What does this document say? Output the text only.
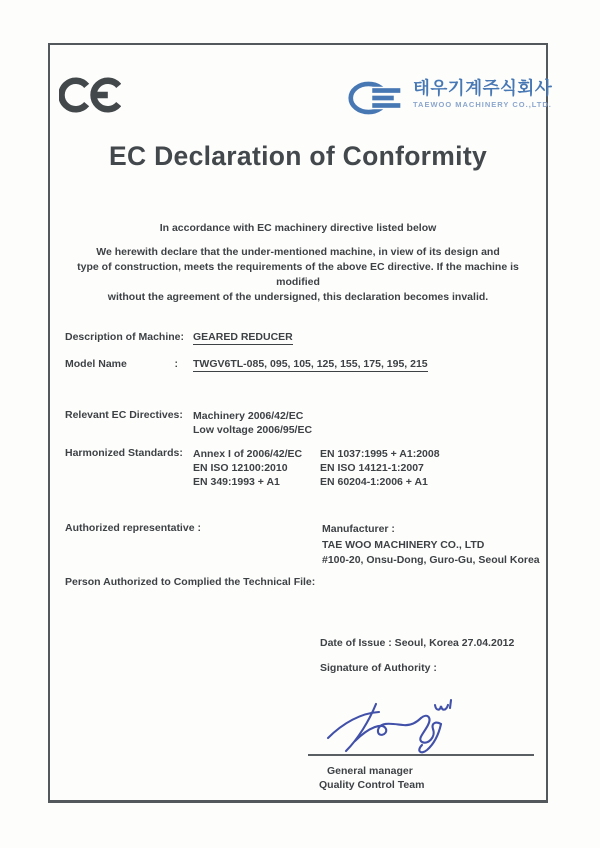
태우기계주식회사
TAEWOO MACHINERY CO.,LTD.
EC Declaration of Conformity
In accordance with EC machinery directive listed below
We herewith declare that the under-mentioned machine, in view of its design and
type of construction, meets the requirements of the above EC directive. If the machine is modified
without the agreement of the undersigned, this declaration becomes invalid.
Description of Machine : GEARED REDUCER
Model Name	: TWGV6TL-085, 095, 105, 125, 155, 175, 195, 215
Relevant EC Directives : Machinery 2006/42/EC
Low voltage 2006/95/EC
Harmonized Standards : Annex I of 2006/42/EC
EN ISO 12100:2010
EN 349:1993 + A1
EN 1037:1995 + A1:2008
EN ISO 14121-1:2007
EN 60204-1:2006 + A1
Authorized representative :	Manufacturer :
TAE WOO MACHINERY CO., LTD
#100-20, Onsu-Dong, Guro-Gu, Seoul Korea
Person Authorized to Complied the Technical File:
Date of Issue : Seoul, Korea 27.04.2012
Signature of Authority :
General manager
Quality Control Team
